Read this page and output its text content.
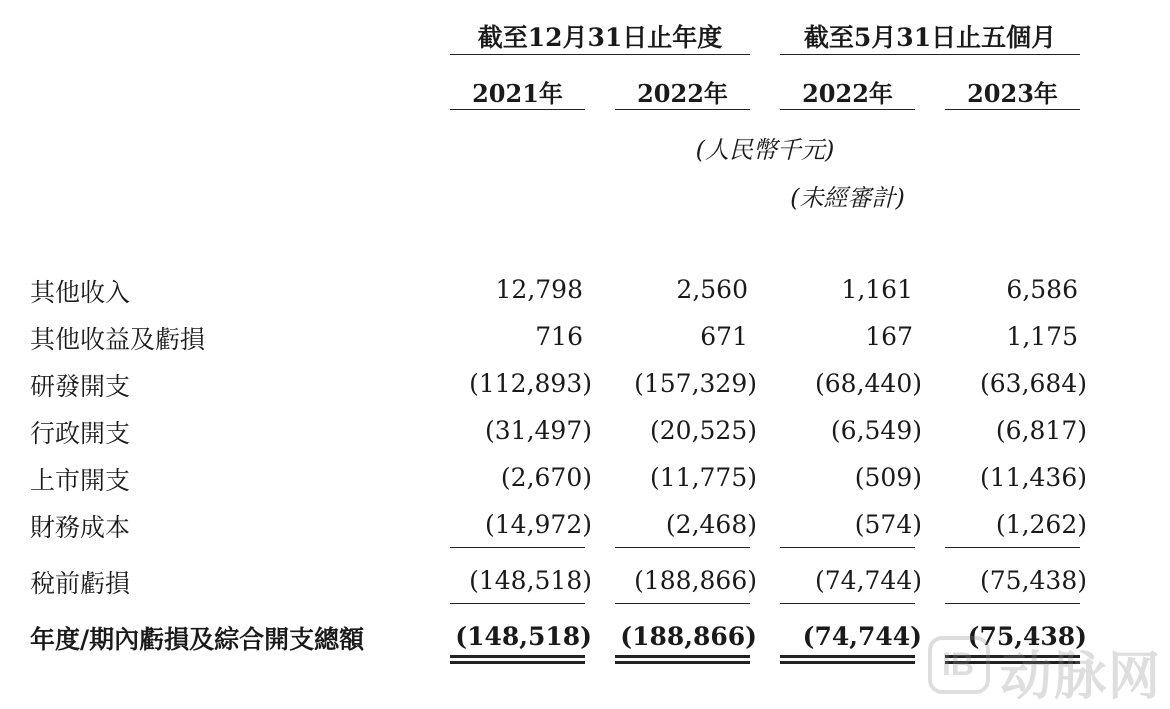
截至12月31日止年度	截至5月31日止五個月
2021年	2022年	2022年	2023年
(人民幣千元)
(未經審計)
其他收入	12,798	2,560	1,161	6,586
其他收益及虧損	716	671	167	1,175
研發開支	(112,893) (157,329) (68,440) (63,684)
行政開支	(31,497) (20,525)	(6,549)	(6,817)
上市開支	(2,670) (11,775)	(509) (11,436)
財務成本	(14,972)	(2,468)	(574)	(1,262)
稅前虧損	(148,518) (188,866) (74,744) (75,438)
年度/期內虧損及綜合開支總額	(148,518) (188,866) (74,744) (75,438)
IB 动脉网
